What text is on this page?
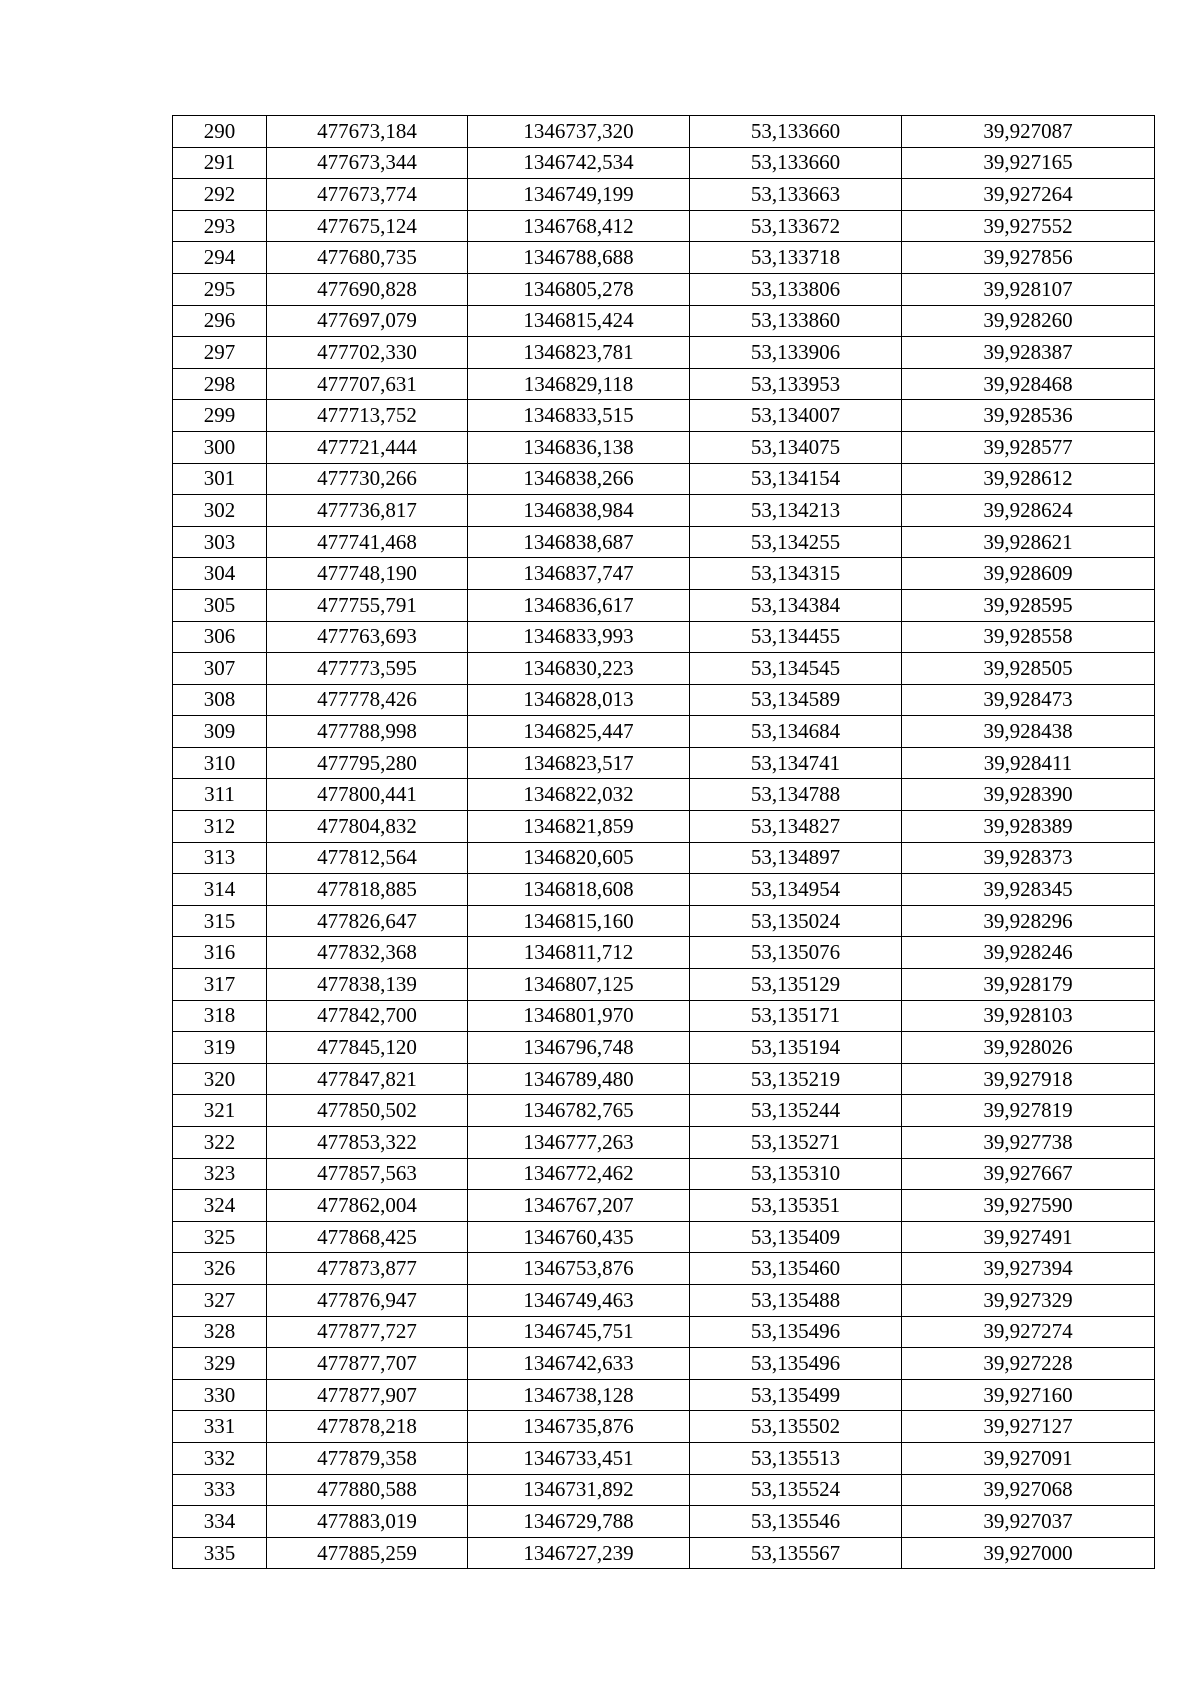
290	477673,184	1346737,320	53,133660	39,927087
291	477673,344	1346742,534	53,133660	39,927165
292	477673,774	1346749,199	53,133663	39,927264
293	477675,124	1346768,412	53,133672	39,927552
294	477680,735	1346788,688	53,133718	39,927856
295	477690,828	1346805,278	53,133806	39,928107
296	477697,079	1346815,424	53,133860	39,928260
297	477702,330	1346823,781	53,133906	39,928387
298	477707,631	1346829,118	53,133953	39,928468
299	477713,752	1346833,515	53,134007	39,928536
300	477721,444	1346836,138	53,134075	39,928577
301	477730,266	1346838,266	53,134154	39,928612
302	477736,817	1346838,984	53,134213	39,928624
303	477741,468	1346838,687	53,134255	39,928621
304	477748,190	1346837,747	53,134315	39,928609
305	477755,791	1346836,617	53,134384	39,928595
306	477763,693	1346833,993	53,134455	39,928558
307	477773,595	1346830,223	53,134545	39,928505
308	477778,426	1346828,013	53,134589	39,928473
309	477788,998	1346825,447	53,134684	39,928438
310	477795,280	1346823,517	53,134741	39,928411
311	477800,441	1346822,032	53,134788	39,928390
312	477804,832	1346821,859	53,134827	39,928389
313	477812,564	1346820,605	53,134897	39,928373
314	477818,885	1346818,608	53,134954	39,928345
315	477826,647	1346815,160	53,135024	39,928296
316	477832,368	1346811,712	53,135076	39,928246
317	477838,139	1346807,125	53,135129	39,928179
318	477842,700	1346801,970	53,135171	39,928103
319	477845,120	1346796,748	53,135194	39,928026
320	477847,821	1346789,480	53,135219	39,927918
321	477850,502	1346782,765	53,135244	39,927819
322	477853,322	1346777,263	53,135271	39,927738
323	477857,563	1346772,462	53,135310	39,927667
324	477862,004	1346767,207	53,135351	39,927590
325	477868,425	1346760,435	53,135409	39,927491
326	477873,877	1346753,876	53,135460	39,927394
327	477876,947	1346749,463	53,135488	39,927329
328	477877,727	1346745,751	53,135496	39,927274
329	477877,707	1346742,633	53,135496	39,927228
330	477877,907	1346738,128	53,135499	39,927160
331	477878,218	1346735,876	53,135502	39,927127
332	477879,358	1346733,451	53,135513	39,927091
333	477880,588	1346731,892	53,135524	39,927068
334	477883,019	1346729,788	53,135546	39,927037
335	477885,259	1346727,239	53,135567	39,927000
